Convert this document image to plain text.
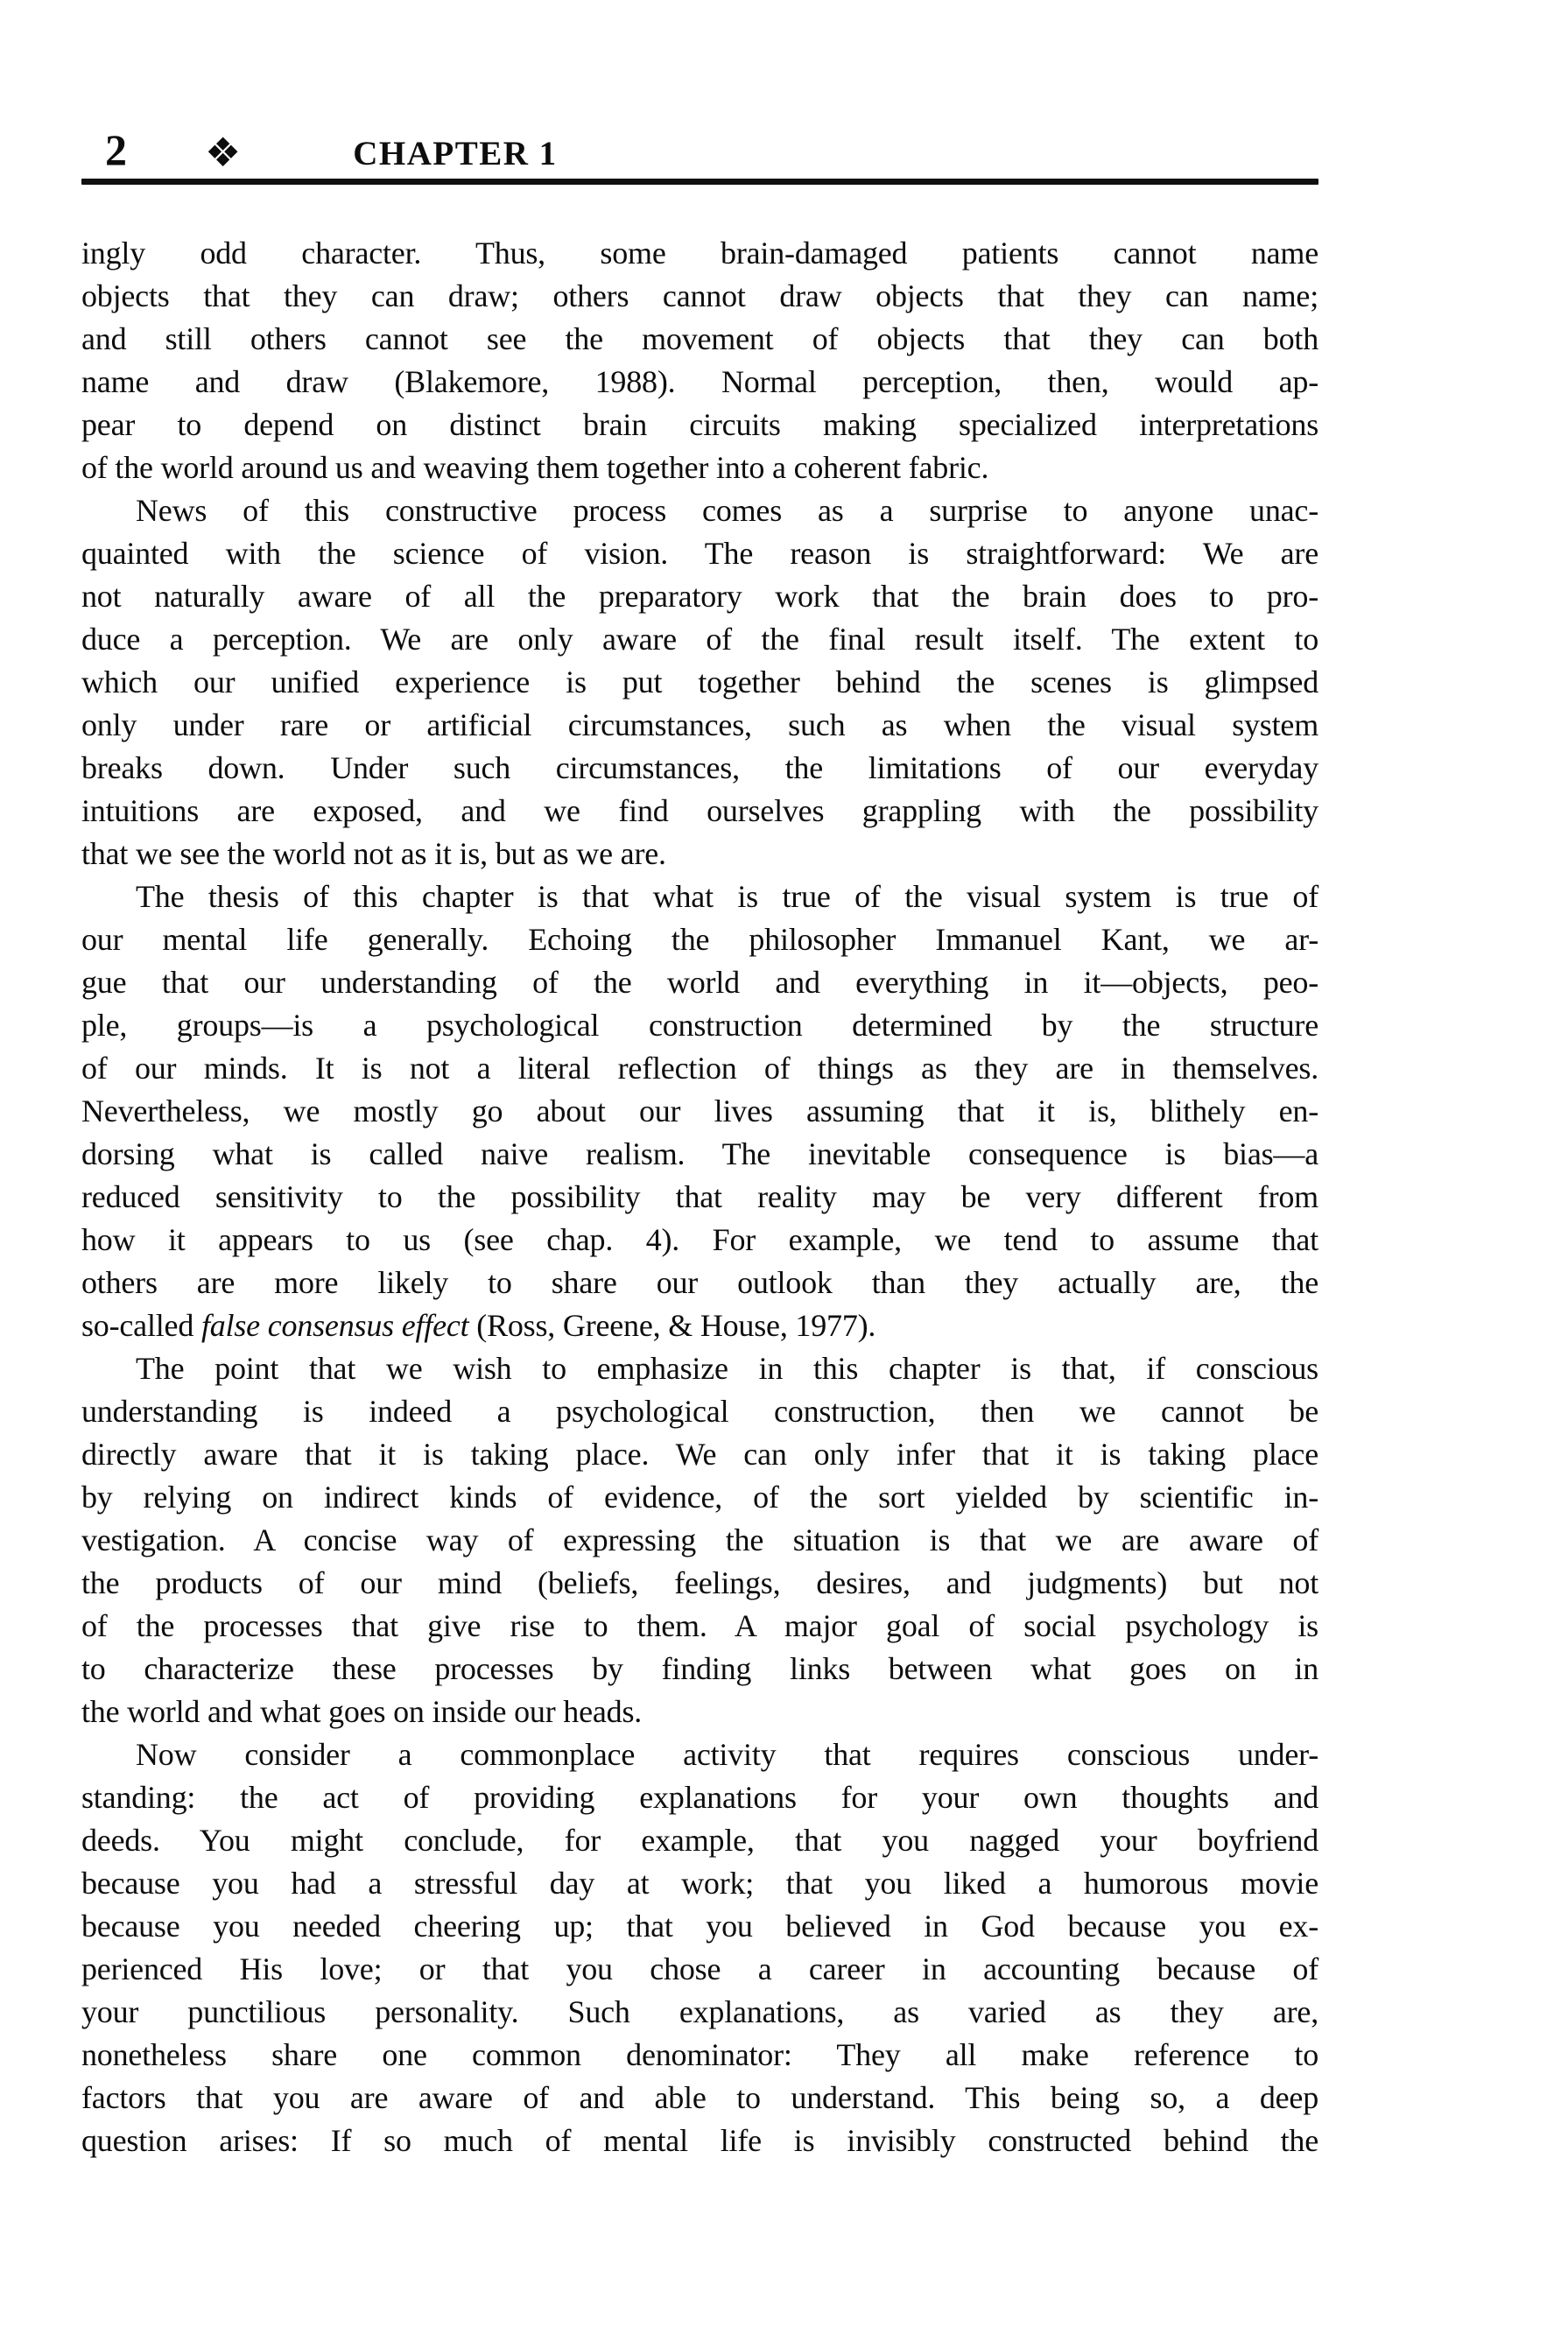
2 ❖	CHAPTER 1
ingly odd character. Thus, some brain-damaged patients cannot name
objects that they can draw; others cannot draw objects that they can name;
and still others cannot see the movement of objects that they can both
name and draw (Blakemore, 1988). Normal perception, then, would ap-
pear to depend on distinct brain circuits making specialized interpretations
of the world around us and weaving them together into a coherent fabric.
News of this constructive process comes as a surprise to anyone unac-
quainted with the science of vision. The reason is straightforward: We are
not naturally aware of all the preparatory work that the brain does to pro-
duce a perception. We are only aware of the final result itself. The extent to
which our unified experience is put together behind the scenes is glimpsed
only under rare or artificial circumstances, such as when the visual system
breaks down. Under such circumstances, the limitations of our everyday
intuitions are exposed, and we find ourselves grappling with the possibility
that we see the world not as it is, but as we are.
The thesis of this chapter is that what is true of the visual system is true of
our mental life generally. Echoing the philosopher Immanuel Kant, we ar-
gue that our understanding of the world and everything in it—objects, peo-
ple, groups—is a psychological construction determined by the structure
of our minds. It is not a literal reflection of things as they are in themselves.
Nevertheless, we mostly go about our lives assuming that it is, blithely en-
dorsing what is called naive realism. The inevitable consequence is bias—a
reduced sensitivity to the possibility that reality may be very different from
how it appears to us (see chap. 4). For example, we tend to assume that
others are more likely to share our outlook than they actually are, the
so-called false consensus effect (Ross, Greene, & House, 1977).
The point that we wish to emphasize in this chapter is that, if conscious
understanding is indeed a psychological construction, then we cannot be
directly aware that it is taking place. We can only infer that it is taking place
by relying on indirect kinds of evidence, of the sort yielded by scientific in-
vestigation. A concise way of expressing the situation is that we are aware of
the products of our mind (beliefs, feelings, desires, and judgments) but not
of the processes that give rise to them. A major goal of social psychology is
to characterize these processes by finding links between what goes on in
the world and what goes on inside our heads.
Now consider a commonplace activity that requires conscious under-
standing: the act of providing explanations for your own thoughts and
deeds. You might conclude, for example, that you nagged your boyfriend
because you had a stressful day at work; that you liked a humorous movie
because you needed cheering up; that you believed in God because you ex-
perienced His love; or that you chose a career in accounting because of
your punctilious personality. Such explanations, as varied as they are,
nonetheless share one common denominator: They all make reference to
factors that you are aware of and able to understand. This being so, a deep
question arises: If so much of mental life is invisibly constructed behind the
